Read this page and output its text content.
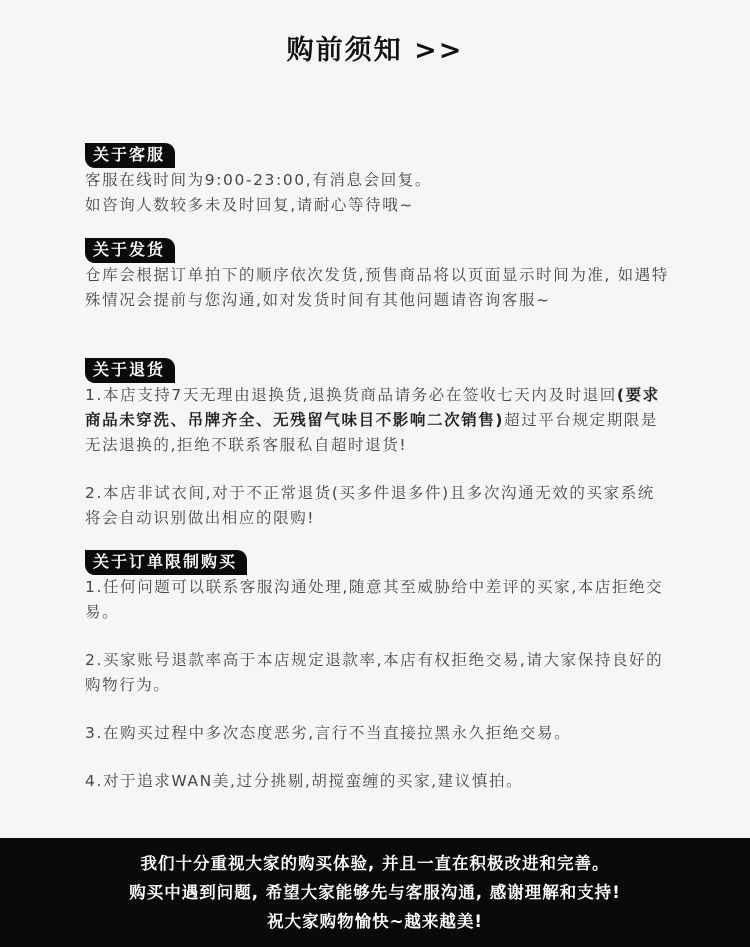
购前须知 >>
关于客服

客服在线时间为9:00-23:00,有消息会回复。

如咨询人数较多未及时回复,请耐心等待哦~

关于发货

仓库会根据订单拍下的顺序依次发货,预售商品将以页面显示时间为准, 如遇特殊情况会提前与您沟通,如对发货时间有其他问题请咨询客服~

关于退货

1.本店支持7天无理由退换货,退换货商品请务必在签收七天内及时退回(要求商品未穿洗、吊牌齐全、无残留气味目不影响二次销售)超过平台规定期限是无法退换的,拒绝不联系客服私自超时退货!

2.本店非试衣间,对于不正常退货(买多件退多件)且多次沟通无效的买家系统将会自动识别做出相应的限购!

关于订单限制购买

1.任何问题可以联系客服沟通处理,随意其至威胁给中差评的买家,本店拒绝交易。

2.买家账号退款率高于本店规定退款率,本店有权拒绝交易,请大家保持良好的购物行为。

3.在购买过程中多次态度恶劣,言行不当直接拉黑永久拒绝交易。

4.对于追求WAN美,过分挑剔,胡搅蛮缠的买家,建议慎拍。

我们十分重视大家的购买体验, 并且一直在积极改进和完善。
购买中遇到问题, 希望大家能够先与客服沟通, 感谢理解和支持!
祝大家购物愉快~越来越美!
